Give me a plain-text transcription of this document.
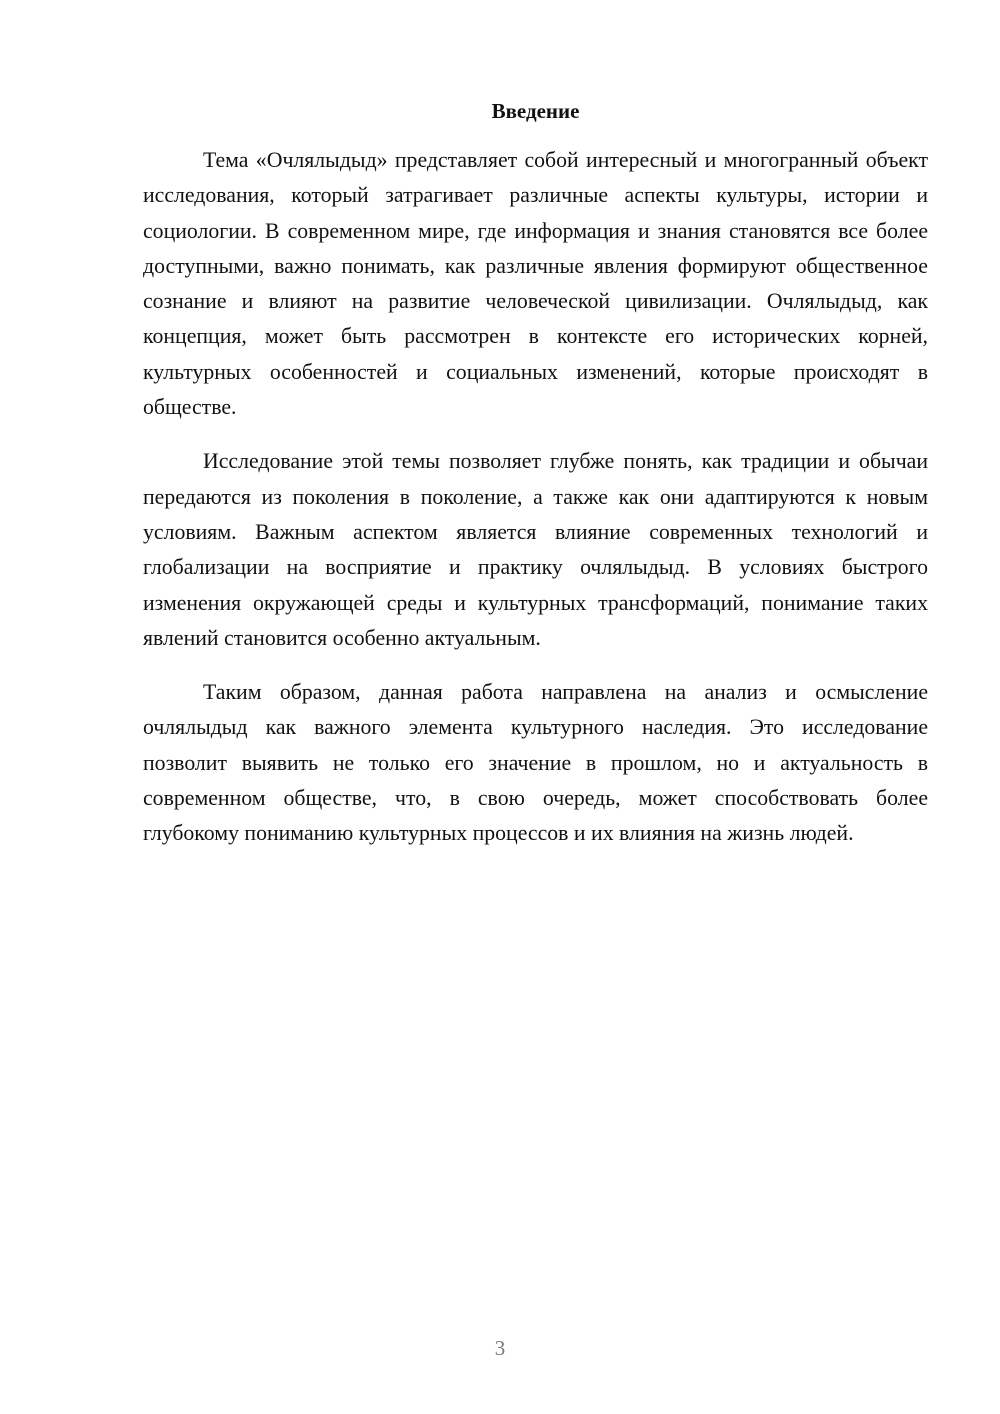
Введение

Тема «Очлялыдыд» представляет собой интересный и многогранный объект исследования, который затрагивает различные аспекты культуры, истории и социологии. В современном мире, где информация и знания становятся все более доступными, важно понимать, как различные явления формируют общественное сознание и влияют на развитие человеческой цивилизации. Очлялыдыд, как концепция, может быть рассмотрен в контексте его исторических корней, культурных особенностей и социальных изменений, которые происходят в обществе.

Исследование этой темы позволяет глубже понять, как традиции и обычаи передаются из поколения в поколение, а также как они адаптируются к новым условиям. Важным аспектом является влияние современных технологий и глобализации на восприятие и практику очлялыдыд. В условиях быстрого изменения окружающей среды и культурных трансформаций, понимание таких явлений становится особенно актуальным.

Таким образом, данная работа направлена на анализ и осмысление очлялыдыд как важного элемента культурного наследия. Это исследование позволит выявить не только его значение в прошлом, но и актуальность в современном обществе, что, в свою очередь, может способствовать более глубокому пониманию культурных процессов и их влияния на жизнь людей.

3
